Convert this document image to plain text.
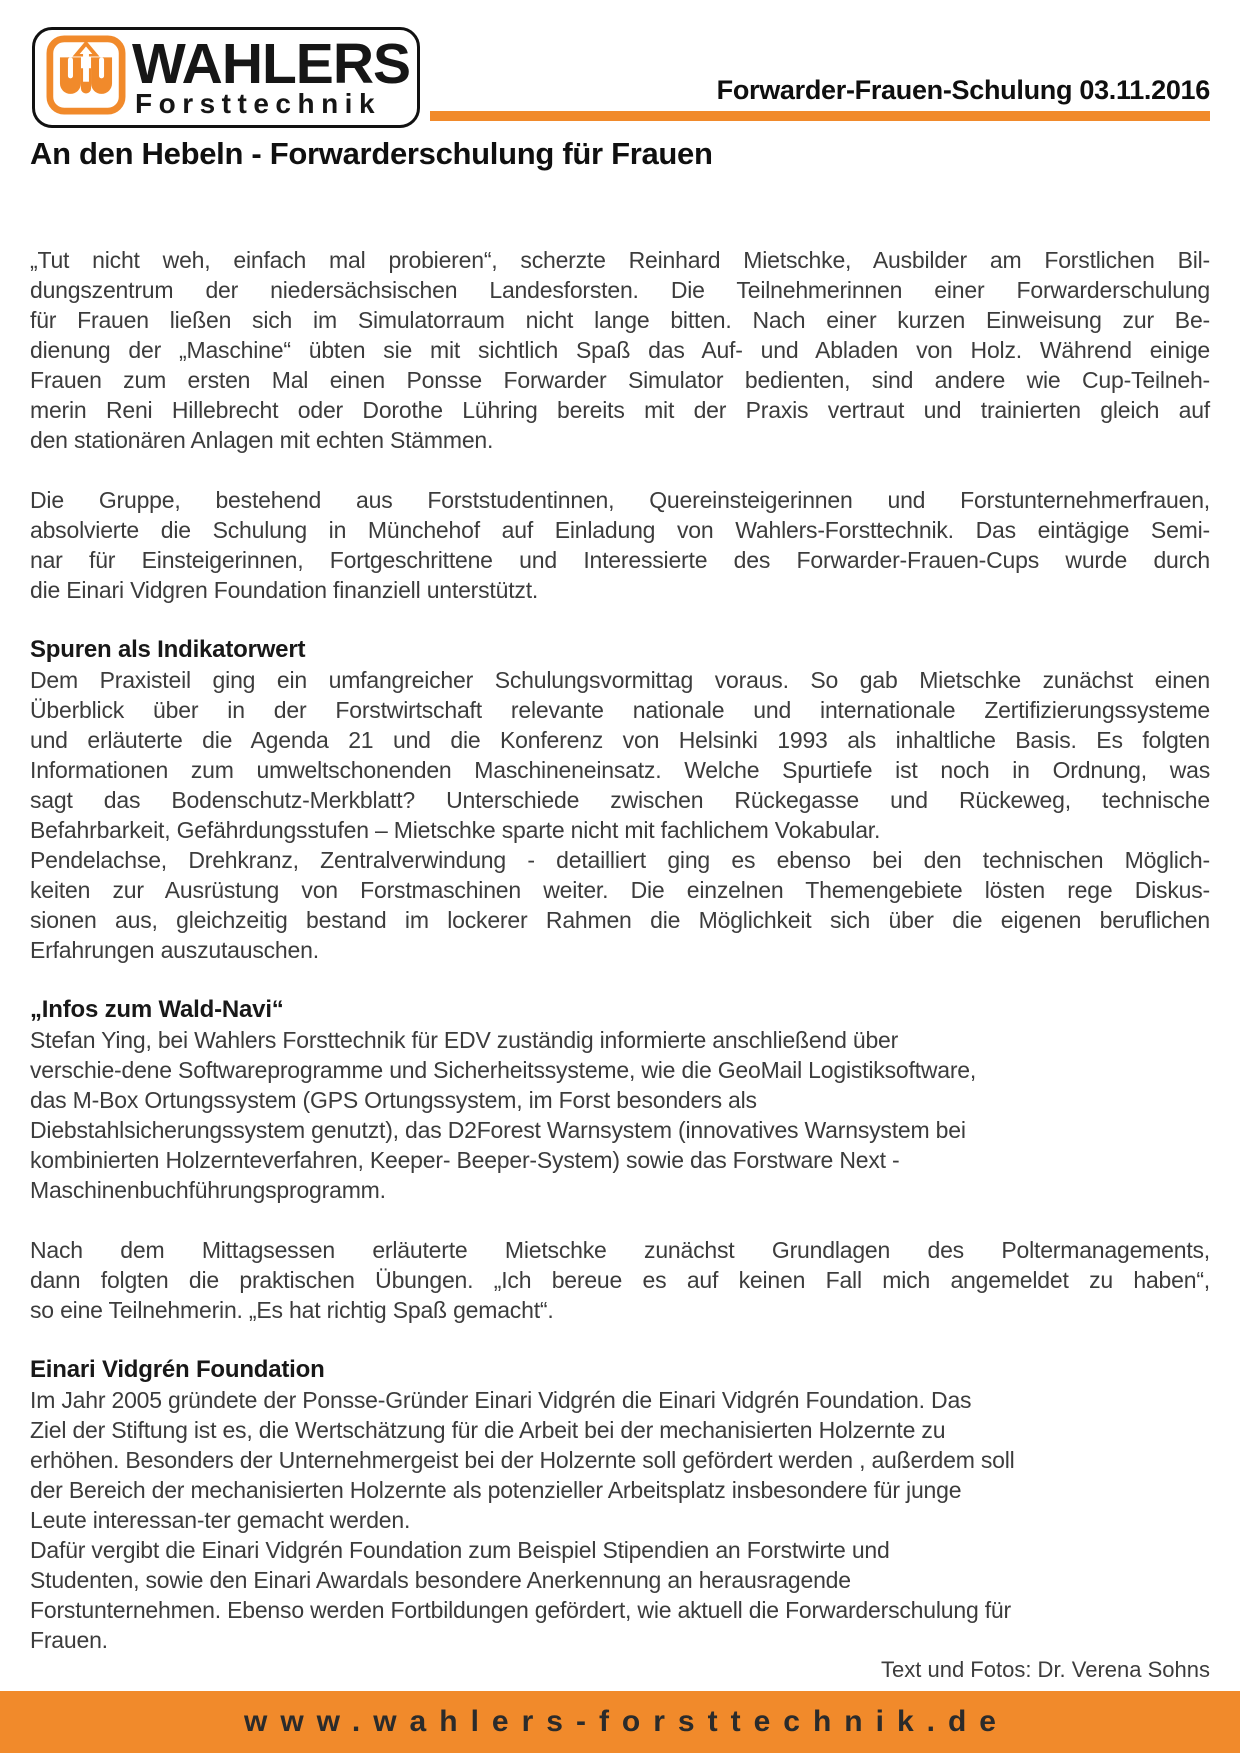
WAHLERS
Forsttechnik	Forwarder-Frauen-Schulung 03.11.2016
An den Hebeln - Forwarderschulung für Frauen
„Tut nicht weh, einfach mal probieren“, scherzte Reinhard Mietschke, Ausbilder am Forstlichen Bil-
dungszentrum der niedersächsischen Landesforsten. Die Teilnehmerinnen einer Forwarderschulung
für Frauen ließen sich im Simulatorraum nicht lange bitten. Nach einer kurzen Einweisung zur Be-
dienung der „Maschine“ übten sie mit sichtlich Spaß das Auf- und Abladen von Holz. Während einige
Frauen zum ersten Mal einen Ponsse Forwarder Simulator bedienten, sind andere wie Cup-Teilneh-
merin Reni Hillebrecht oder Dorothe Lühring bereits mit der Praxis vertraut und trainierten gleich auf
den stationären Anlagen mit echten Stämmen.
Die Gruppe, bestehend aus Forststudentinnen, Quereinsteigerinnen und Forstunternehmerfrauen,
absolvierte die Schulung in Münchehof auf Einladung von Wahlers-Forsttechnik. Das eintägige Semi-
nar für Einsteigerinnen, Fortgeschrittene und Interessierte des Forwarder-Frauen-Cups wurde durch
die Einari Vidgren Foundation finanziell unterstützt.
Spuren als Indikatorwert
Dem Praxisteil ging ein umfangreicher Schulungsvormittag voraus. So gab Mietschke zunächst einen
Überblick über in der Forstwirtschaft relevante nationale und internationale Zertifizierungssysteme
und erläuterte die Agenda 21 und die Konferenz von Helsinki 1993 als inhaltliche Basis. Es folgten
Informationen zum umweltschonenden Maschineneinsatz. Welche Spurtiefe ist noch in Ordnung, was
sagt das Bodenschutz-Merkblatt? Unterschiede zwischen Rückegasse und Rückeweg, technische
Befahrbarkeit, Gefährdungsstufen – Mietschke sparte nicht mit fachlichem Vokabular.
Pendelachse, Drehkranz, Zentralverwindung - detailliert ging es ebenso bei den technischen Möglich-
keiten zur Ausrüstung von Forstmaschinen weiter. Die einzelnen Themengebiete lösten rege Diskus-
sionen aus, gleichzeitig bestand im lockerer Rahmen die Möglichkeit sich über die eigenen beruflichen
Erfahrungen auszutauschen.
„Infos zum Wald-Navi“
Stefan Ying, bei Wahlers Forsttechnik für EDV zuständig informierte anschließend über
verschie-dene Softwareprogramme und Sicherheitssysteme, wie die GeoMail Logistiksoftware,
das M-Box Ortungssystem (GPS Ortungssystem, im Forst besonders als
Diebstahlsicherungssystem genutzt), das D2Forest Warnsystem (innovatives Warnsystem bei
kombinierten Holzernteverfahren, Keeper- Beeper-System) sowie das Forstware Next -
Maschinenbuchführungsprogramm.
Nach dem Mittagsessen erläuterte Mietschke zunächst Grundlagen des Poltermanagements,
dann folgten die praktischen Übungen. „Ich bereue es auf keinen Fall mich angemeldet zu haben“,
so eine Teilnehmerin. „Es hat richtig Spaß gemacht“.
Einari Vidgrén Foundation
Im Jahr 2005 gründete der Ponsse-Gründer Einari Vidgrén die Einari Vidgrén Foundation. Das
Ziel der Stiftung ist es, die Wertschätzung für die Arbeit bei der mechanisierten Holzernte zu
erhöhen. Besonders der Unternehmergeist bei der Holzernte soll gefördert werden , außerdem soll
der Bereich der mechanisierten Holzernte als potenzieller Arbeitsplatz insbesondere für junge
Leute interessan-ter gemacht werden.
Dafür vergibt die Einari Vidgrén Foundation zum Beispiel Stipendien an Forstwirte und
Studenten, sowie den Einari Awardals besondere Anerkennung an herausragende
Forstunternehmen. Ebenso werden Fortbildungen gefördert, wie aktuell die Forwarderschulung für
Frauen.
Text und Fotos: Dr. Verena Sohns
www.wahlers-forsttechnik.de
